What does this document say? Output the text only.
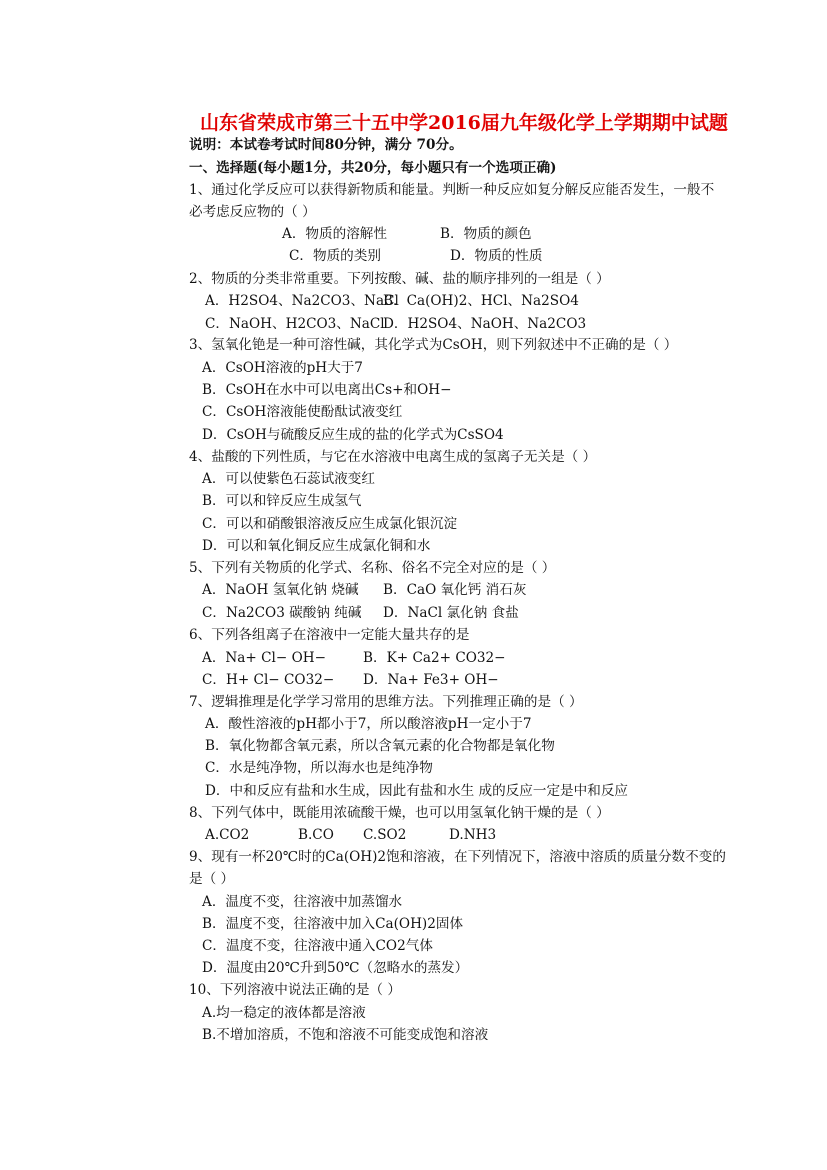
山东省荣成市第三十五中学2016届九年级化学上学期期中试题
说明：本试卷考试时间80分钟，满分 70分。
一、选择题(每小题1分，共20分，每小题只有一个选项正确)
1、通过化学反应可以获得新物质和能量。判断一种反应如复分解反应能否发生，一般不
必考虑反应物的（ ）
A．物质的溶解性	B．物质的颜色
C．物质的类别	D．物质的性质
2、物质的分类非常重要。下列按酸、碱、盐的顺序排列的一组是（ ）
A．H2SO4、Na2CO3、NaCl
B．Ca(OH)2、HCl、Na2SO4
C．NaOH、H2CO3、NaCl
D．H2SO4、NaOH、Na2CO3
3、氢氧化铯是一种可溶性碱，其化学式为CsOH，则下列叙述中不正确的是（ ）
A．CsOH溶液的pH大于7
B．CsOH在水中可以电离出Cs+和OH−
C．CsOH溶液能使酚酞试液变红
D．CsOH与硫酸反应生成的盐的化学式为CsSO4
4、盐酸的下列性质，与它在水溶液中电离生成的氢离子无关是（ ）
A．可以使紫色石蕊试液变红
B．可以和锌反应生成氢气
C．可以和硝酸银溶液反应生成氯化银沉淀
D．可以和氧化铜反应生成氯化铜和水
5、下列有关物质的化学式、名称、俗名不完全对应的是（ ）
A．NaOH 氢氧化钠 烧碱 B．CaO 氧化钙 消石灰
C．Na2CO3 碳酸钠 纯碱 D．NaCl 氯化钠 食盐
6、下列各组离子在溶液中一定能大量共存的是
A．Na+ Cl− OH−	B．K+ Ca2+ CO32−
C．H+ Cl− CO32− D．Na+ Fe3+ OH−
7、逻辑推理是化学学习常用的思维方法。下列推理正确的是（ ）
A．酸性溶液的pH都小于7，所以酸溶液pH一定小于7
B．氧化物都含氧元素，所以含氧元素的化合物都是氧化物
C．水是纯净物，所以海水也是纯净物
D．中和反应有盐和水生成，因此有盐和水生 成的反应一定是中和反应
8、下列气体中，既能用浓硫酸干燥，也可以用氢氧化钠干燥的是（ ）
A.CO2	B.CO C.SO2	D.NH3
9、现有一杯20℃时的Ca(OH)2饱和溶液，在下列情况下，溶液中溶质的质量分数不变的
是（ ）
A．温度不变，往溶液中加蒸馏水
B．温度不变，往溶液中加入Ca(OH)2固体
C．温度不变，往溶液中通入CO2气体
D．温度由20℃升到50℃（忽略水的蒸发）
10、下列溶液中说法正确的是（ ）
A.均一稳定的液体都是溶液
B.不增加溶质，不饱和溶液不可能变成饱和溶液
